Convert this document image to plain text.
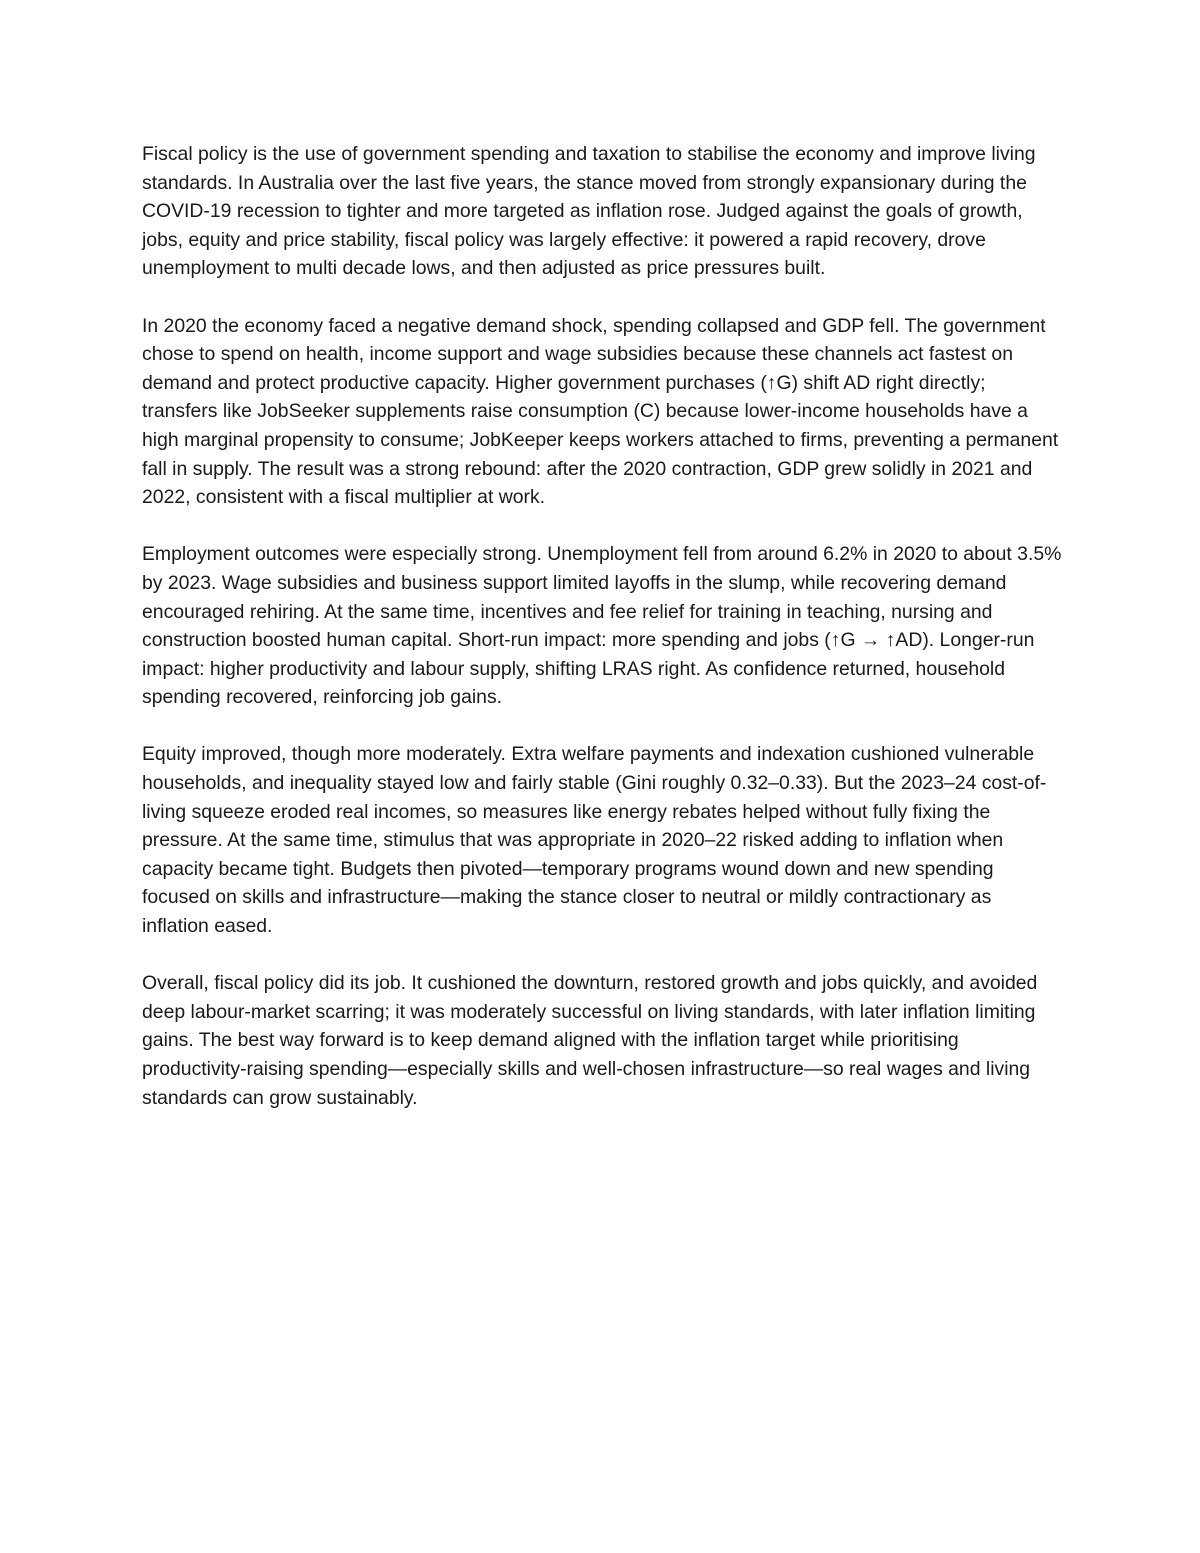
Fiscal policy is the use of government spending and taxation to stabilise the economy and improve living standards. In Australia over the last five years, the stance moved from strongly expansionary during the COVID-19 recession to tighter and more targeted as inflation rose. Judged against the goals of growth, jobs, equity and price stability, fiscal policy was largely effective: it powered a rapid recovery, drove unemployment to multi decade lows, and then adjusted as price pressures built.

In 2020 the economy faced a negative demand shock, spending collapsed and GDP fell. The government chose to spend on health, income support and wage subsidies because these channels act fastest on demand and protect productive capacity. Higher government purchases (↑G) shift AD right directly; transfers like JobSeeker supplements raise consumption (C) because lower-income households have a high marginal propensity to consume; JobKeeper keeps workers attached to firms, preventing a permanent fall in supply. The result was a strong rebound: after the 2020 contraction, GDP grew solidly in 2021 and 2022, consistent with a fiscal multiplier at work.

Employment outcomes were especially strong. Unemployment fell from around 6.2% in 2020 to about 3.5% by 2023. Wage subsidies and business support limited layoffs in the slump, while recovering demand encouraged rehiring. At the same time, incentives and fee relief for training in teaching, nursing and construction boosted human capital. Short-run impact: more spending and jobs (↑G → ↑AD). Longer-run impact: higher productivity and labour supply, shifting LRAS right. As confidence returned, household spending recovered, reinforcing job gains.

Equity improved, though more moderately. Extra welfare payments and indexation cushioned vulnerable households, and inequality stayed low and fairly stable (Gini roughly 0.32–0.33). But the 2023–24 cost-of-living squeeze eroded real incomes, so measures like energy rebates helped without fully fixing the pressure. At the same time, stimulus that was appropriate in 2020–22 risked adding to inflation when capacity became tight. Budgets then pivoted—temporary programs wound down and new spending focused on skills and infrastructure—making the stance closer to neutral or mildly contractionary as inflation eased.

Overall, fiscal policy did its job. It cushioned the downturn, restored growth and jobs quickly, and avoided deep labour-market scarring; it was moderately successful on living standards, with later inflation limiting gains. The best way forward is to keep demand aligned with the inflation target while prioritising productivity-raising spending—especially skills and well-chosen infrastructure—so real wages and living standards can grow sustainably.
